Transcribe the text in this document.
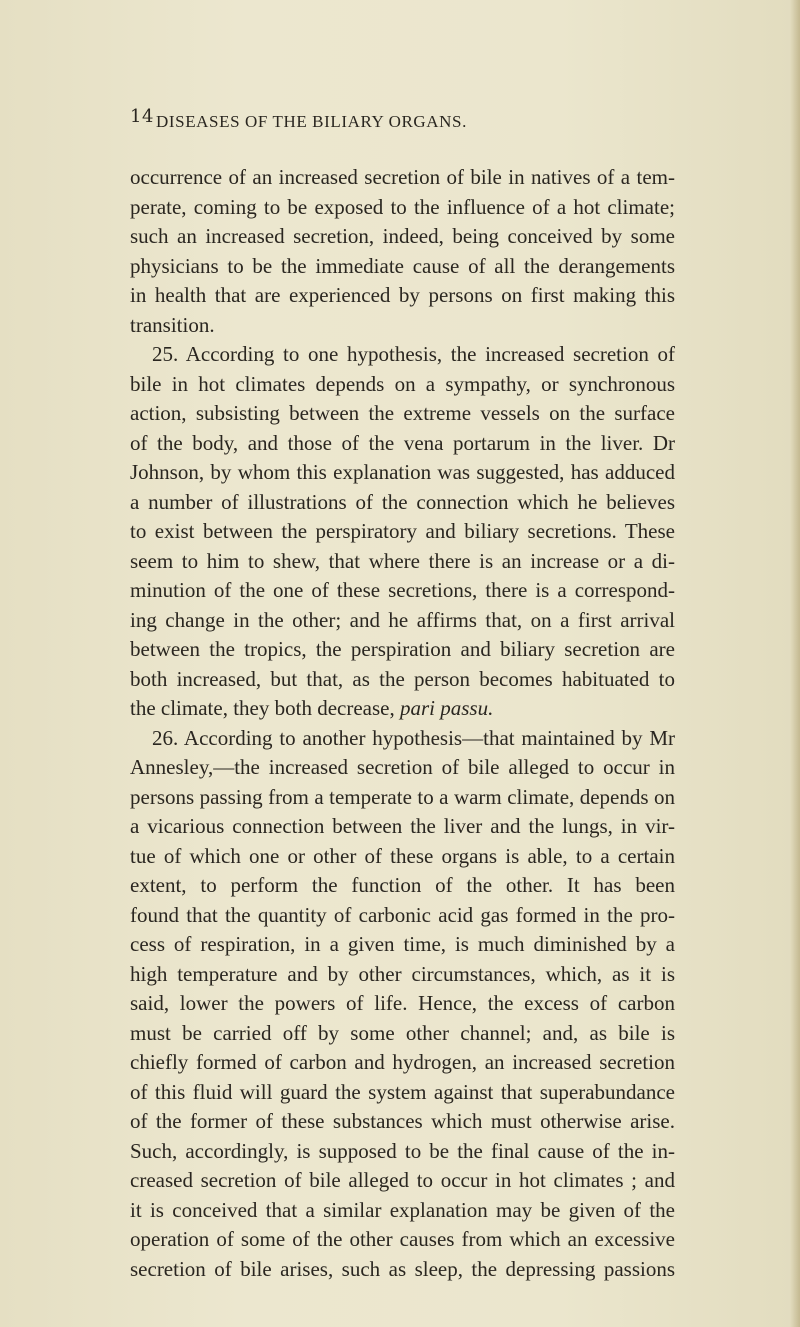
14 DISEASES OF THE BILIARY ORGANS.
occurrence of an increased secretion of bile in natives of a tem-
perate, coming to be exposed to the influence of a hot climate;
such an increased secretion, indeed, being conceived by some
physicians to be the immediate cause of all the derangements
in health that are experienced by persons on first making this
transition.
25. According to one hypothesis, the increased secretion of
bile in hot climates depends on a sympathy, or synchronous
action, subsisting between the extreme vessels on the surface
of the body, and those of the vena portarum in the liver. Dr
Johnson, by whom this explanation was suggested, has adduced
a number of illustrations of the connection which he believes
to exist between the perspiratory and biliary secretions. These
seem to him to shew, that where there is an increase or a di-
minution of the one of these secretions, there is a correspond-
ing change in the other; and he affirms that, on a first arrival
between the tropics, the perspiration and biliary secretion are
both increased, but that, as the person becomes habituated to
the climate, they both decrease, pari passu.
26. According to another hypothesis—that maintained by Mr
Annesley,—the increased secretion of bile alleged to occur in
persons passing from a temperate to a warm climate, depends on
a vicarious connection between the liver and the lungs, in vir-
tue of which one or other of these organs is able, to a certain
extent, to perform the function of the other. It has been
found that the quantity of carbonic acid gas formed in the pro-
cess of respiration, in a given time, is much diminished by a
high temperature and by other circumstances, which, as it is
said, lower the powers of life. Hence, the excess of carbon
must be carried off by some other channel; and, as bile is
chiefly formed of carbon and hydrogen, an increased secretion
of this fluid will guard the system against that superabundance
of the former of these substances which must otherwise arise.
Such, accordingly, is supposed to be the final cause of the in-
creased secretion of bile alleged to occur in hot climates ; and
it is conceived that a similar explanation may be given of the
operation of some of the other causes from which an excessive
secretion of bile arises, such as sleep, the depressing passions
